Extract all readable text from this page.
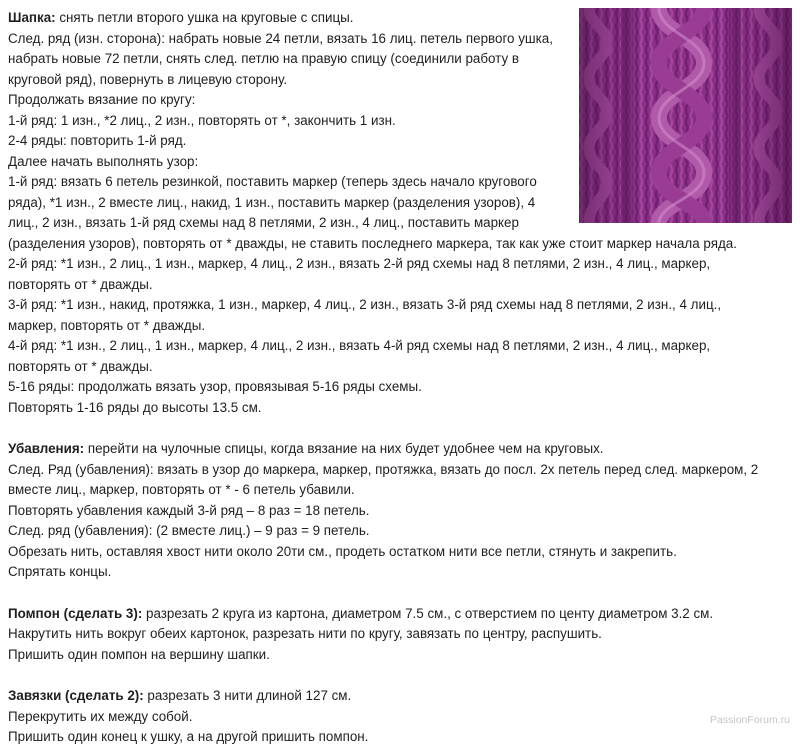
Шапка: снять петли второго ушка на круговые с спицы.
След. ряд (изн. сторона): набрать новые 24 петли, вязать 16 лиц. петель первого ушка,
набрать новые 72 петли, снять след. петлю на правую спицу (соединили работу в
круговой ряд), повернуть в лицевую сторону.
Продолжать вязание по кругу:
1-й ряд: 1 изн., *2 лиц., 2 изн., повторять от *, закончить 1 изн.
2-4 ряды: повторить 1-й ряд.
Далее начать выполнять узор:
1-й ряд: вязать 6 петель резинкой, поставить маркер (теперь здесь начало кругового
ряда), *1 изн., 2 вместе лиц., накид, 1 изн., поставить маркер (разделения узоров), 4
лиц., 2 изн., вязать 1-й ряд схемы над 8 петлями, 2 изн., 4 лиц., поставить маркер
(разделения узоров), повторять от * дважды, не ставить последнего маркера, так как уже стоит маркер начала ряда.
2-й ряд: *1 изн., 2 лиц., 1 изн., маркер, 4 лиц., 2 изн., вязать 2-й ряд схемы над 8 петлями, 2 изн., 4 лиц., маркер,
повторять от * дважды.
3-й ряд: *1 изн., накид, протяжка, 1 изн., маркер, 4 лиц., 2 изн., вязать 3-й ряд схемы над 8 петлями, 2 изн., 4 лиц.,
маркер, повторять от * дважды.
4-й ряд: *1 изн., 2 лиц., 1 изн., маркер, 4 лиц., 2 изн., вязать 4-й ряд схемы над 8 петлями, 2 изн., 4 лиц., маркер,
повторять от * дважды.
5-16 ряды: продолжать вязать узор, провязывая 5-16 ряды схемы.
Повторять 1-16 ряды до высоты 13.5 см.
Убавления: перейти на чулочные спицы, когда вязание на них будет удобнее чем на круговых.
След. Ряд (убавления): вязать в узор до маркера, маркер, протяжка, вязать до посл. 2х петель перед след. маркером, 2
вместе лиц., маркер, повторять от * - 6 петель убавили.
Повторять убавления каждый 3-й ряд – 8 раз = 18 петель.
След. ряд (убавления): (2 вместе лиц.) – 9 раз = 9 петель.
Обрезать нить, оставляя хвост нити около 20ти см., продеть остатком нити все петли, стянуть и закрепить.
Спрятать концы.
Помпон (сделать 3): разрезать 2 круга из картона, диаметром 7.5 см., с отверстием по центу диаметром 3.2 см.
Накрутить нить вокруг обеих картонок, разрезать нити по кругу, завязать по центру, распушить.
Пришить один помпон на вершину шапки.
Завязки (сделать 2): разрезать 3 нити длиной 127 см.
Перекрутить их между собой.
Пришить один конец к ушку, а на другой пришить помпон.
PassionForum.ru
